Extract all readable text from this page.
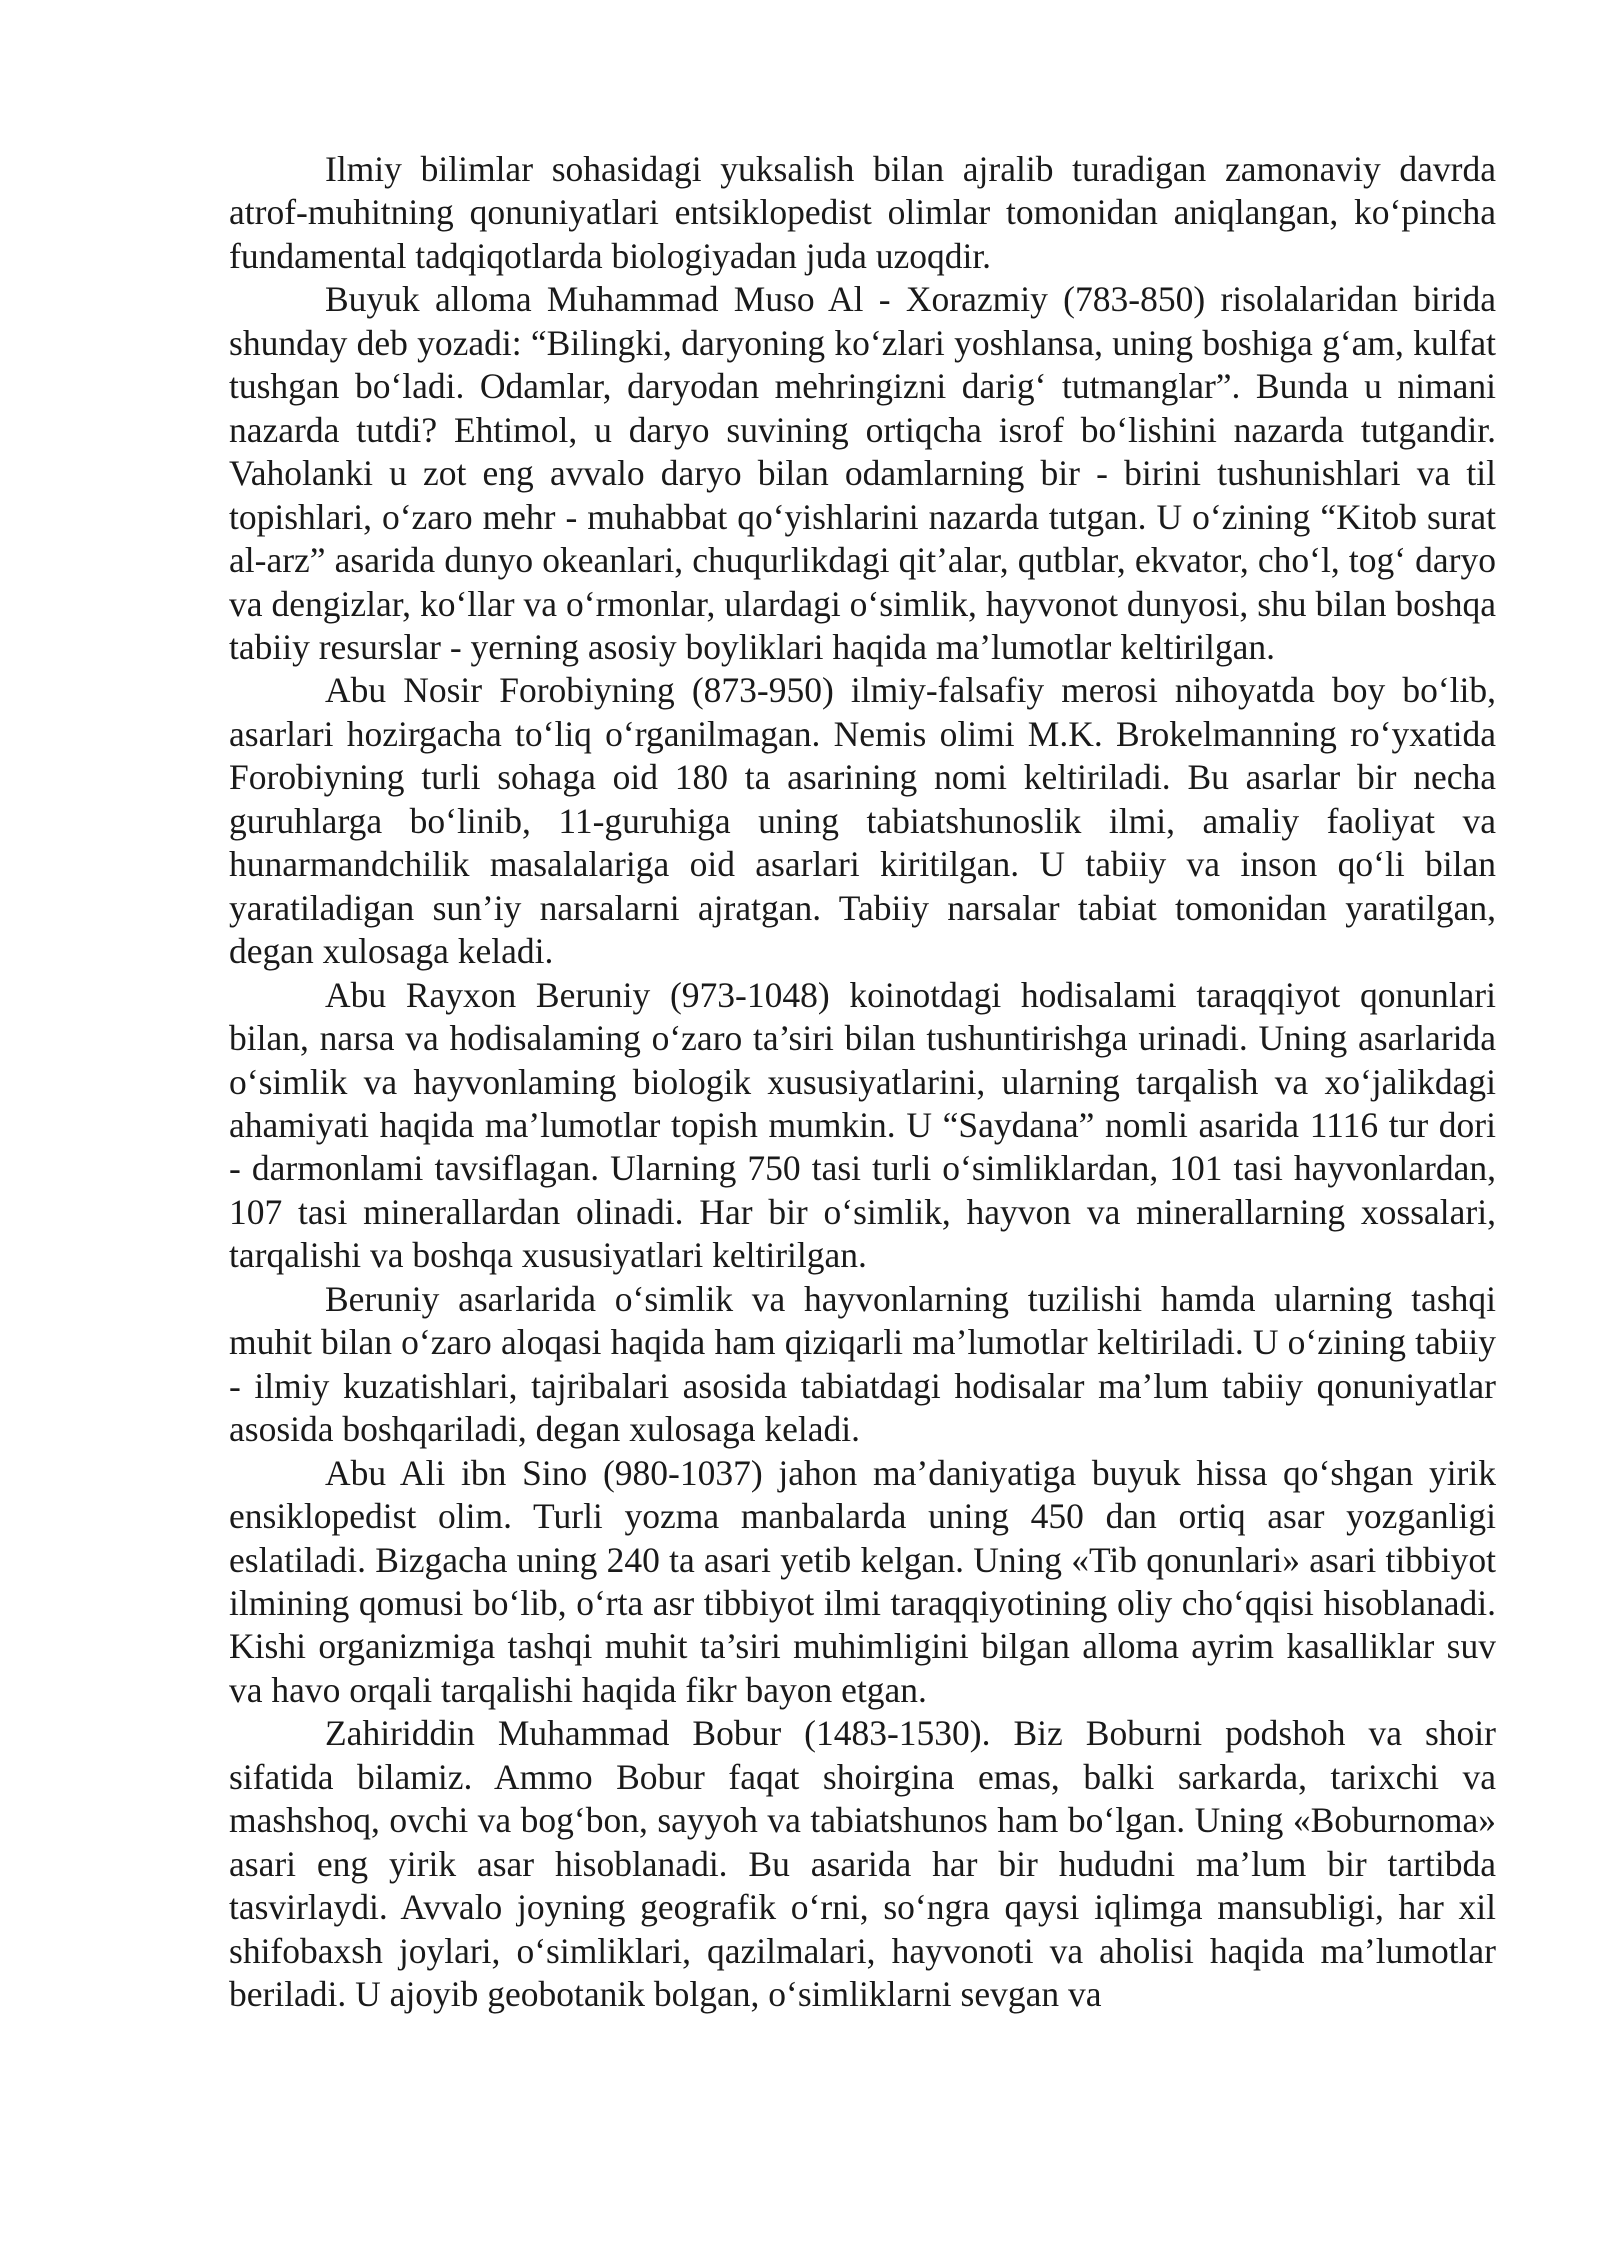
Ilmiy bilimlar sohasidagi yuksalish bilan ajralib turadigan zamonaviy davrda atrof-muhitning qonuniyatlari entsiklopedist olimlar tomonidan aniqlangan, ko‘pincha fundamental tadqiqotlarda biologiyadan juda uzoqdir.

Buyuk alloma Muhammad Muso Al - Xorazmiy (783-850) risolalaridan birida shunday deb yozadi: “Bilingki, daryoning ko‘zlari yoshlansa, uning boshiga g‘am, kulfat tushgan bo‘ladi. Odamlar, daryodan mehringizni darig‘ tutmanglar”. Bunda u nimani nazarda tutdi? Ehtimol, u daryo suvining ortiqcha isrof bo‘lishini nazarda tutgandir. Vaholanki u zot eng avvalo daryo bilan odamlarning bir - birini tushunishlari va til topishlari, o‘zaro mehr - muhabbat qo‘yishlarini nazarda tutgan. U o‘zining “Kitob surat al-arz” asarida dunyo okeanlari, chuqurlikdagi qit’alar, qutblar, ekvator, cho‘l, tog‘ daryo va dengizlar, ko‘llar va o‘rmonlar, ulardagi o‘simlik, hayvonot dunyosi, shu bilan boshqa tabiiy resurslar - yerning asosiy boyliklari haqida ma’lumotlar keltirilgan.

Abu Nosir Forobiyning (873-950) ilmiy-falsafiy merosi nihoyatda boy bo‘lib, asarlari hozirgacha to‘liq o‘rganilmagan. Nemis olimi M.K. Brokelmanning ro‘yxatida Forobiyning turli sohaga oid 180 ta asarining nomi keltiriladi. Bu asarlar bir necha guruhlarga bo‘linib, 11-guruhiga uning tabiatshunoslik ilmi, amaliy faoliyat va hunarmandchilik masalalariga oid asarlari kiritilgan. U tabiiy va inson qo‘li bilan yaratiladigan sun’iy narsalarni ajratgan. Tabiiy narsalar tabiat tomonidan yaratilgan, degan xulosaga keladi.

Abu Rayxon Beruniy (973-1048) koinotdagi hodisalami taraqqiyot qonunlari bilan, narsa va hodisalaming o‘zaro ta’siri bilan tushuntirishga urinadi. Uning asarlarida o‘simlik va hayvonlaming biologik xususiyatlarini, ularning tarqalish va xo‘jalikdagi ahamiyati haqida ma’lumotlar topish mumkin. U “Saydana” nomli asarida 1116 tur dori - darmonlami tavsiflagan. Ularning 750 tasi turli o‘simliklardan, 101 tasi hayvonlardan, 107 tasi minerallardan olinadi. Har bir o‘simlik, hayvon va minerallarning xossalari, tarqalishi va boshqa xususiyatlari keltirilgan.

Beruniy asarlarida o‘simlik va hayvonlarning tuzilishi hamda ularning tashqi muhit bilan o‘zaro aloqasi haqida ham qiziqarli ma’lumotlar keltiriladi. U o‘zining tabiiy - ilmiy kuzatishlari, tajribalari asosida tabiatdagi hodisalar ma’lum tabiiy qonuniyatlar asosida boshqariladi, degan xulosaga keladi.

Abu Ali ibn Sino (980-1037) jahon ma’daniyatiga buyuk hissa qo‘shgan yirik ensiklopedist olim. Turli yozma manbalarda uning 450 dan ortiq asar yozganligi eslatiladi. Bizgacha uning 240 ta asari yetib kelgan. Uning «Tib qonunlari» asari tibbiyot ilmining qomusi bo‘lib, o‘rta asr tibbiyot ilmi taraqqiyotining oliy cho‘qqisi hisoblanadi. Kishi organizmiga tashqi muhit ta’siri muhimligini bilgan alloma ayrim kasalliklar suv va havo orqali tarqalishi haqida fikr bayon etgan.

Zahiriddin Muhammad Bobur (1483-1530). Biz Boburni podshoh va shoir sifatida bilamiz. Ammo Bobur faqat shoirgina emas, balki sarkarda, tarixchi va mashshoq, ovchi va bog‘bon, sayyoh va tabiatshunos ham bo‘lgan. Uning «Boburnoma» asari eng yirik asar hisoblanadi. Bu asarida har bir hududni ma’lum bir tartibda tasvirlaydi. Avvalo joyning geografik o‘rni, so‘ngra qaysi iqlimga mansubligi, har xil shifobaxsh joylari, o‘simliklari, qazilmalari, hayvonoti va aholisi haqida ma’lumotlar beriladi. U ajoyib geobotanik bolgan, o‘simliklarni sevgan va
